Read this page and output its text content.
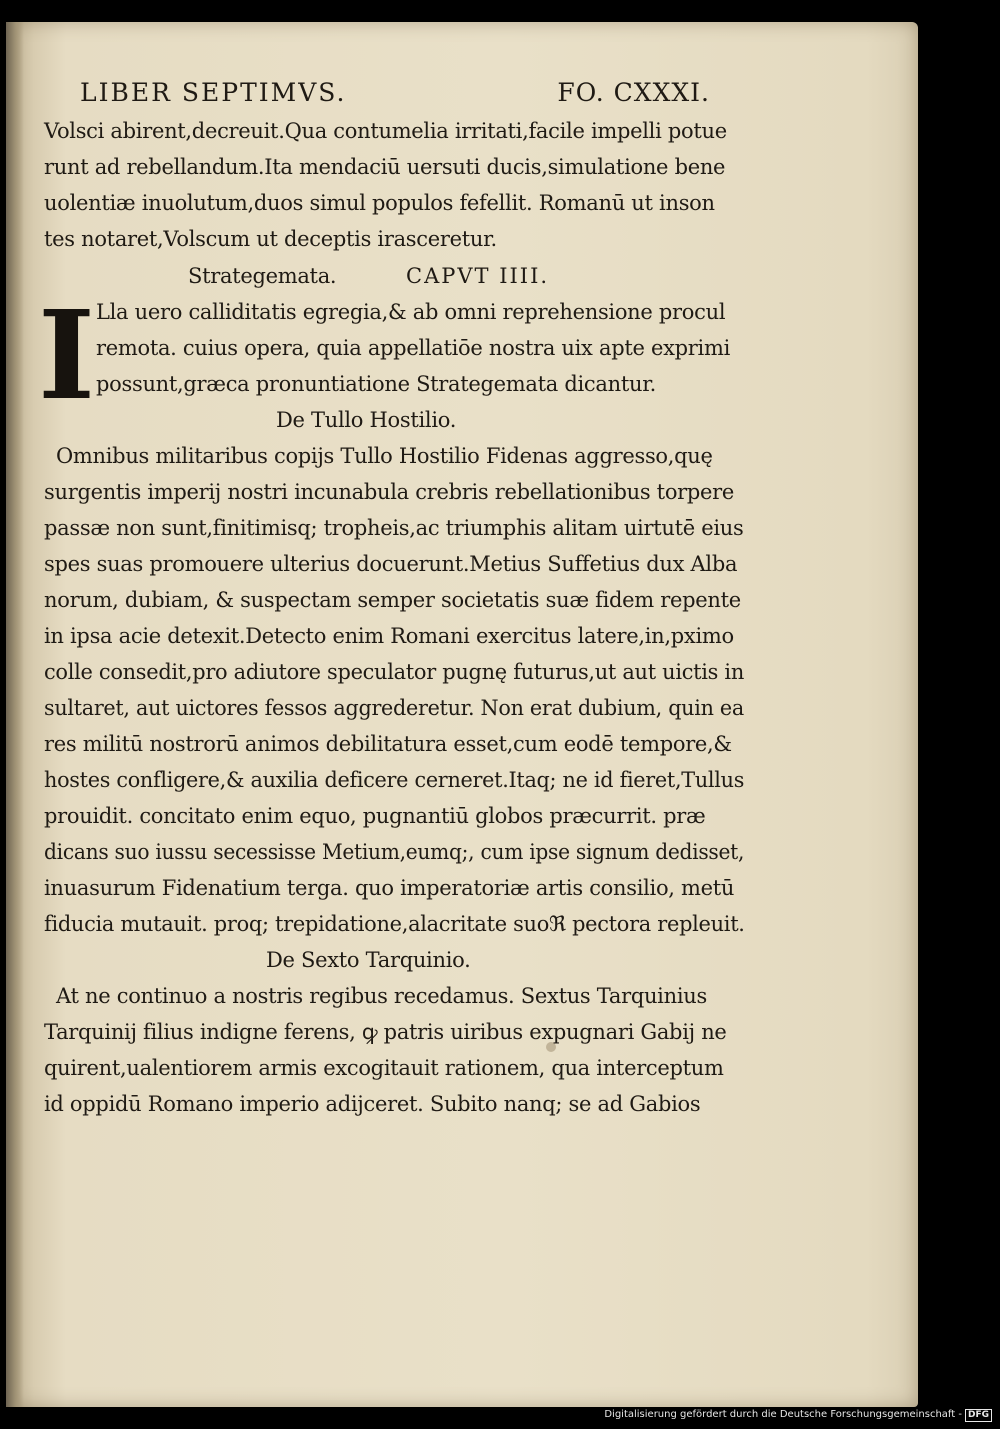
LIBER SEPTIMVS.	FO. CXXXI.
Volsci abirent,decreuit.Qua contumelia irritati,facile impelli potue
runt ad rebellandum.Ita mendaciū uersuti ducis,simulatione bene
uolentiæ inuolutum,duos simul populos fefellit. Romanū ut inson
tes notaret,Volscum ut deceptis irasceretur.
Strategemata.	CAPVT IIII.
Lla uero calliditatis egregia,& ab omni reprehensione procul
remota. cuius opera, quia appellatiōe nostra uix apte exprimi
possunt,græca pronuntiatione Strategemata dicantur.
De Tullo Hostilio.
Omnibus militaribus copijs Tullo Hostilio Fidenas aggresso,quę
surgentis imperij nostri incunabula crebris rebellationibus torpere
passæ non sunt,finitimisq; tropheis,ac triumphis alitam uirtutē eius
spes suas promouere ulterius docuerunt.Metius Suffetius dux Alba
norum, dubiam, & suspectam semper societatis suæ fidem repente
in ipsa acie detexit.Detecto enim Romani exercitus latere,in,pximo
colle consedit,pro adiutore speculator pugnę futurus,ut aut uictis in
sultaret, aut uictores fessos aggrederetur. Non erat dubium, quin ea
res militū nostrorū animos debilitatura esset,cum eodē tempore,&
hostes confligere,& auxilia deficere cerneret.Itaq; ne id fieret,Tullus
prouidit. concitato enim equo, pugnantiū globos præcurrit. præ
dicans suo iussu secessisse Metium,eumq;, cum ipse signum dedisset,
inuasurum Fidenatium terga. quo imperatoriæ artis consilio, metū
fiducia mutauit. proq; trepidatione,alacritate suoℜ pectora repleuit.
De Sexto Tarquinio.
At ne continuo a nostris regibus recedamus. Sextus Tarquinius
Tarquinij filius indigne ferens, ꝙ patris uiribus expugnari Gabij ne
quirent,ualentiorem armis excogitauit rationem, qua interceptum
id oppidū Romano imperio adijceret. Subito nanq; se ad Gabios
I
Digitalisierung gefördert durch die Deutsche Forschungsgemeinschaft - DFG
